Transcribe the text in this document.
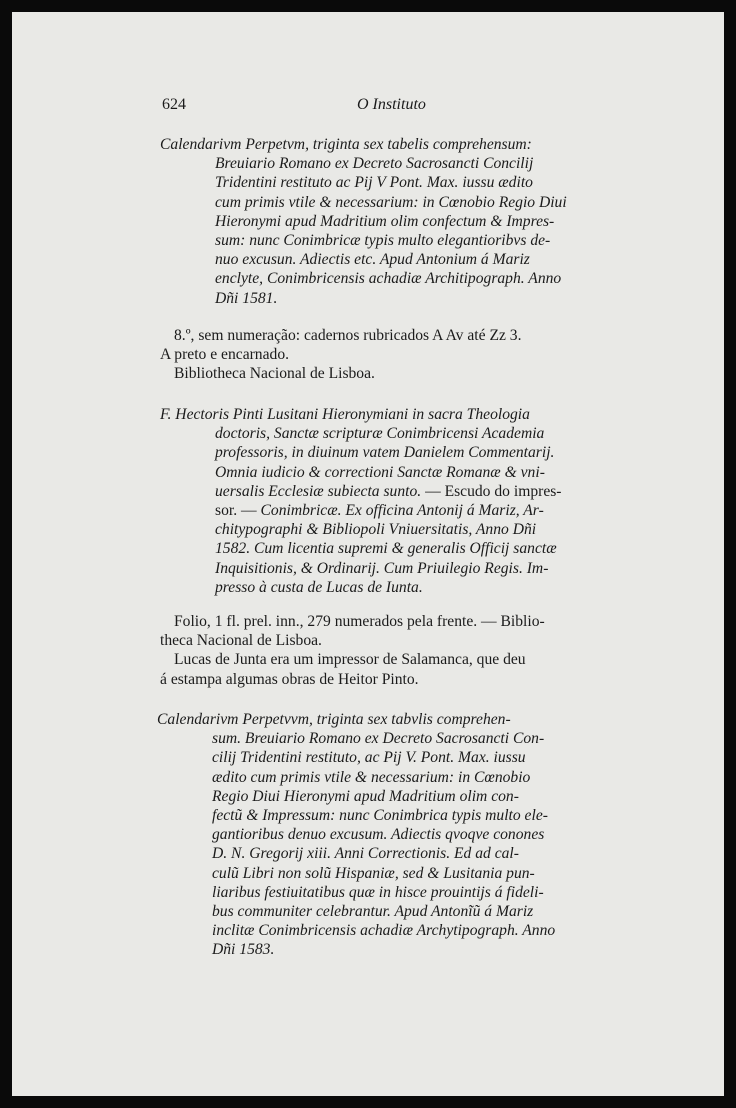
624	O Instituto
Calendarivm Perpetvm, triginta sex tabelis comprehensum:
Breuiario Romano ex Decreto Sacrosancti Concilij
Tridentini restituto ac Pij V Pont. Max. iussu ædito
cum primis vtile & necessarium: in Cœnobio Regio Diui
Hieronymi apud Madritium olim confectum & Impres-
sum: nunc Conimbricæ typis multo elegantioribvs de-
nuo excusun. Adiectis etc. Apud Antonium á Mariz
enclyte, Conimbricensis achadiæ Architipograph. Anno
Dñi 1581.
8.º, sem numeração: cadernos rubricados A Av até Zz 3.
A preto e encarnado.
Bibliotheca Nacional de Lisboa.
F. Hectoris Pinti Lusitani Hieronymiani in sacra Theologia
doctoris, Sanctæ scripturæ Conimbricensi Academia
professoris, in diuinum vatem Danielem Commentarij.
Omnia iudicio & correctioni Sanctæ Romanæ & vni-
uersalis Ecclesiæ subiecta sunto. — Escudo do impres-
sor. — Conimbricæ. Ex officina Antonij á Mariz, Ar-
chitypographi & Bibliopoli Vniuersitatis, Anno Dñi
1582. Cum licentia supremi & generalis Officij sanctæ
Inquisitionis, & Ordinarij. Cum Priuilegio Regis. Im-
presso à custa de Lucas de Iunta.
Folio, 1 fl. prel. inn., 279 numerados pela frente. — Biblio-
theca Nacional de Lisboa.
Lucas de Junta era um impressor de Salamanca, que deu
á estampa algumas obras de Heitor Pinto.
Calendarivm Perpetvvm, triginta sex tabvlis comprehen-
sum. Breuiario Romano ex Decreto Sacrosancti Con-
cilij Tridentini restituto, ac Pij V. Pont. Max. iussu
ædito cum primis vtile & necessarium: in Cœnobio
Regio Diui Hieronymi apud Madritium olim con-
fectũ & Impressum: nunc Conimbrica typis multo ele-
gantioribus denuo excusum. Adiectis qvoqve conones
D. N. Gregorij xiii. Anni Correctionis. Ed ad cal-
culũ Libri non solũ Hispaniæ, sed & Lusitania pun-
liaribus festiuitatibus quæ in hisce prouintijs á fideli-
bus communiter celebrantur. Apud Antonĩũ á Mariz
inclitæ Conimbricensis achadiæ Archytipograph. Anno
Dñi 1583.
